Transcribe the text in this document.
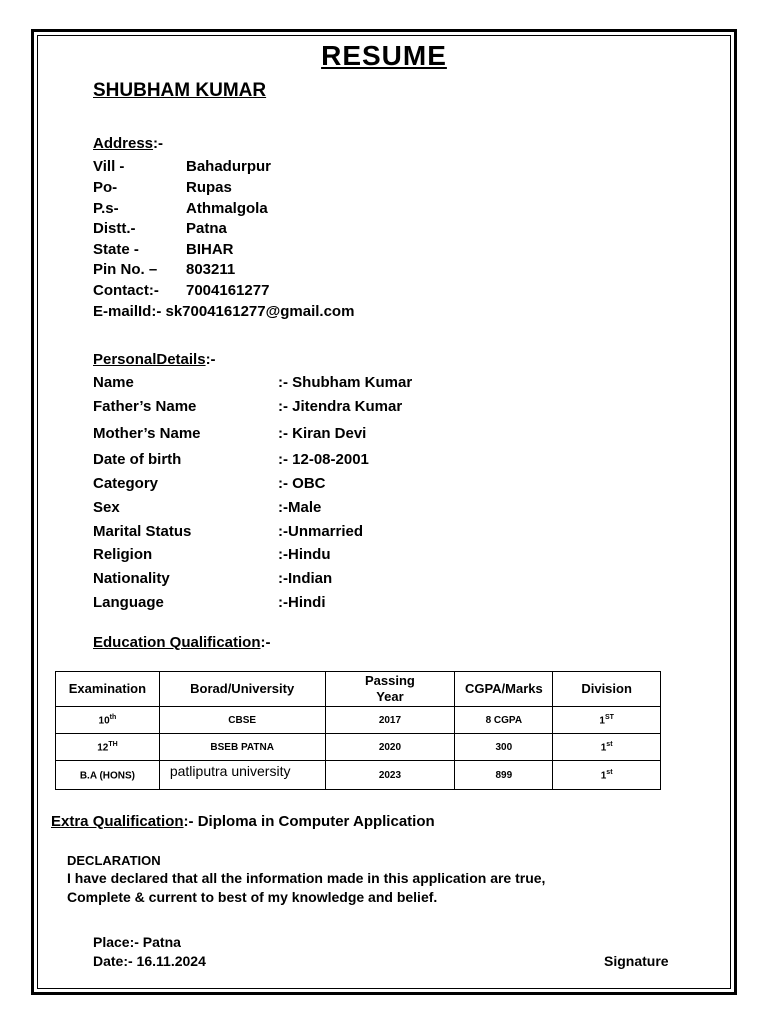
RESUME
SHUBHAM KUMAR
Address:-
Vill -	Bahadurpur
Po-	Rupas
P.s-	Athmalgola
Distt.-	Patna
State -	BIHAR
Pin No. – 803211
Contact:- 7004161277
E-mailId:- sk7004161277@gmail.com
PersonalDetails:-
Name	:- Shubham Kumar
Father’s Name	:- Jitendra Kumar
Mother’s Name	:- Kiran Devi
Date of birth	:- 12-08-2001
Category	:- OBC
Sex	:-Male
Marital Status	:-Unmarried
Religion	:-Hindu
Nationality	:-Indian
Language	:-Hindi
Education Qualification:-
Examination	Borad/University	Passing Year	CGPA/Marks	Division
10th	CBSE	2017	8 CGPA	1ST
12TH	BSEB PATNA	2020	300	1st
B.A (HONS)	patliputra university	2023	899	1st
Extra Qualification:- Diploma in Computer Application
DECLARATION
I have declared that all the information made in this application are true,
Complete & current to best of my knowledge and belief.
Place:- Patna
Date:- 16.11.2024	Signature
